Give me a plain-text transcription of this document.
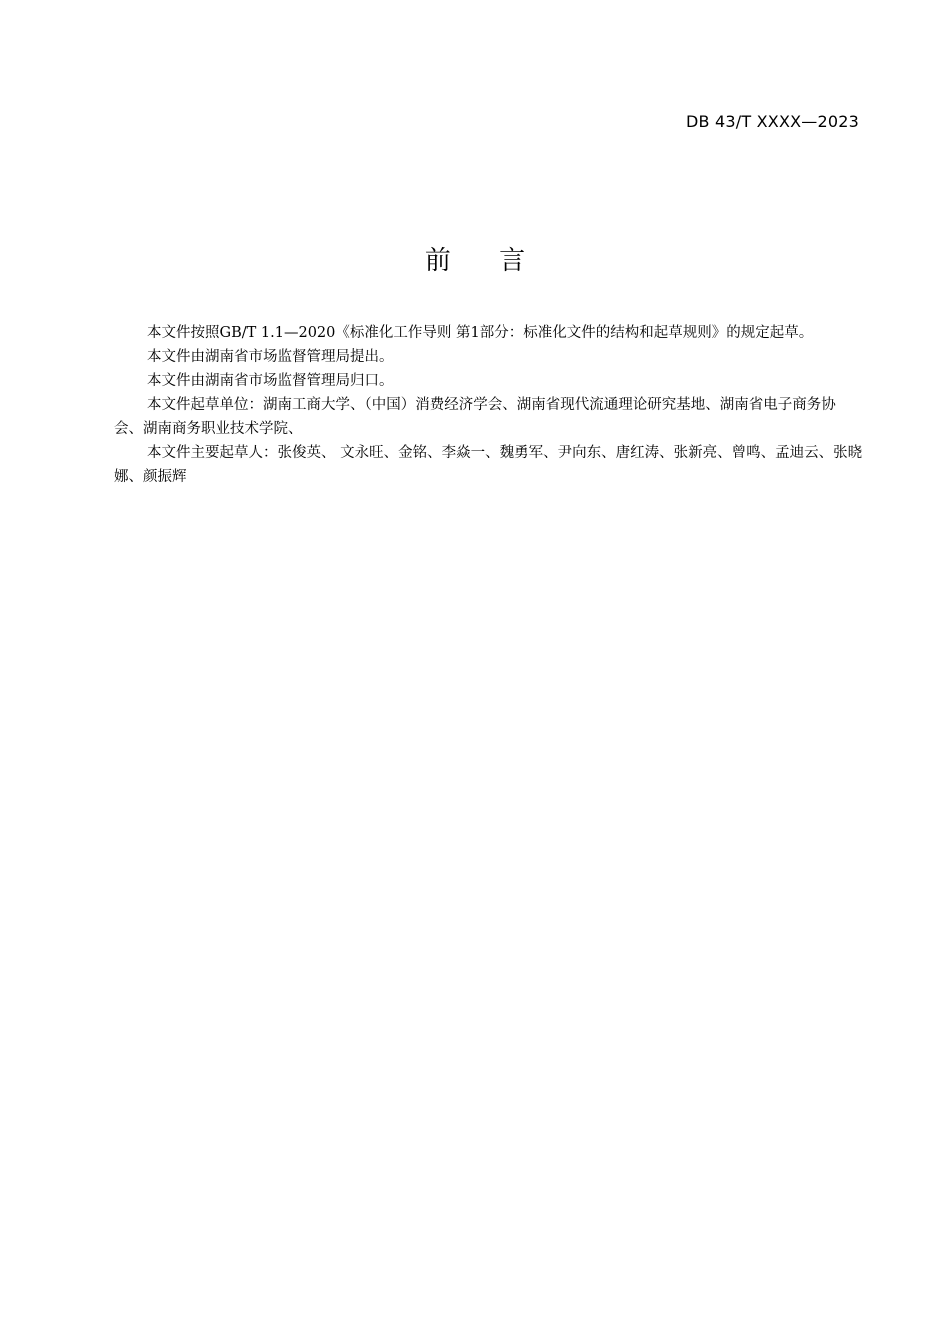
DB 43/T XXXX—2023
前 言

本文件按照GB/T 1.1—2020《标准化工作导则 第1部分：标准化文件的结构和起草规则》的规定起草。

本文件由湖南省市场监督管理局提出。

本文件由湖南省市场监督管理局归口。

本文件起草单位：湖南工商大学、（中国）消费经济学会、湖南省现代流通理论研究基地、湖南省电子商务协会、湖南商务职业技术学院、

本文件主要起草人：张俊英、 文永旺、金铭、李焱一、魏勇军、尹向东、唐红涛、张新亮、曾鸣、孟迪云、张晓娜、颜振辉
